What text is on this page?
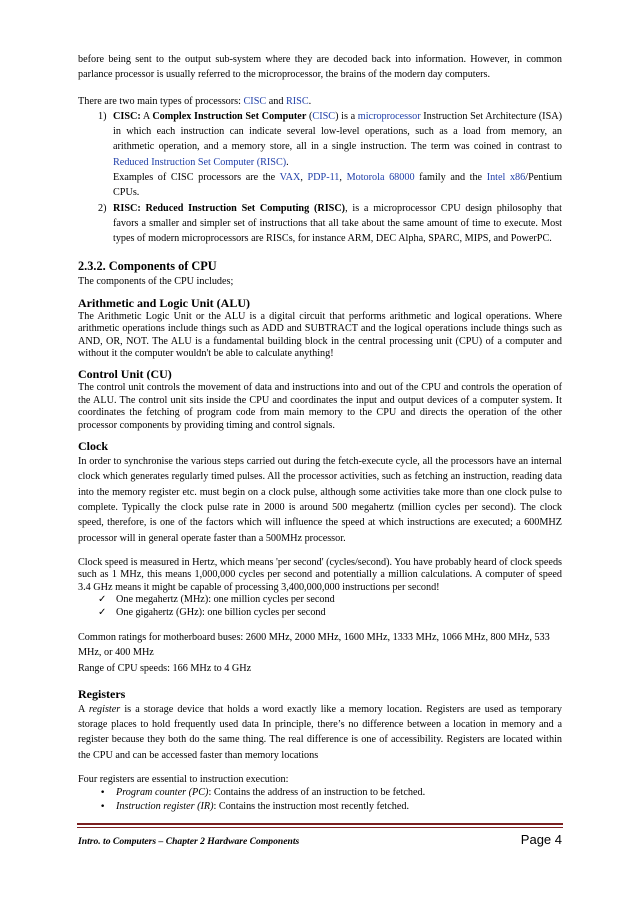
before being sent to the output sub-system where they are decoded back into information. However, in common parlance processor is usually referred to the microprocessor, the brains of the modern day computers.

There are two main types of processors: CISC and RISC.

1) CISC: A Complex Instruction Set Computer (CISC) is a microprocessor Instruction Set Architecture (ISA) in which each instruction can indicate several low-level operations, such as a load from memory, an arithmetic operation, and a memory store, all in a single instruction. The term was coined in contrast to Reduced Instruction Set Computer (RISC).
Examples of CISC processors are the VAX, PDP-11, Motorola 68000 family and the Intel x86/Pentium CPUs.
2) RISC: Reduced Instruction Set Computing (RISC), is a microprocessor CPU design philosophy that favors a smaller and simpler set of instructions that all take about the same amount of time to execute. Most types of modern microprocessors are RISCs, for instance ARM, DEC Alpha, SPARC, MIPS, and PowerPC.
2.3.2. Components of CPU

The components of the CPU includes;

Arithmetic and Logic Unit (ALU)

The Arithmetic Logic Unit or the ALU is a digital circuit that performs arithmetic and logical operations. Where arithmetic operations include things such as ADD and SUBTRACT and the logical operations include things such as AND, OR, NOT. The ALU is a fundamental building block in the central processing unit (CPU) of a computer and without it the computer wouldn't be able to calculate anything!

Control Unit (CU)

The control unit controls the movement of data and instructions into and out of the CPU and controls the operation of the ALU. The control unit sits inside the CPU and coordinates the input and output devices of a computer system. It coordinates the fetching of program code from main memory to the CPU and directs the operation of the other processor components by providing timing and control signals.

Clock

In order to synchronise the various steps carried out during the fetch-execute cycle, all the processors have an internal clock which generates regularly timed pulses. All the processor activities, such as fetching an instruction, reading data into the memory register etc. must begin on a clock pulse, although some activities take more than one clock pulse to complete. Typically the clock pulse rate in 2000 is around 500 megahertz (million cycles per second). The clock speed, therefore, is one of the factors which will influence the speed at which instructions are executed; a 600MHZ processor will in general operate faster than a 500MHz processor.

Clock speed is measured in Hertz, which means 'per second' (cycles/second). You have probably heard of clock speeds such as 1 MHz, this means 1,000,000 cycles per second and potentially a million calculations. A computer of speed 3.4 GHz means it might be capable of processing 3,400,000,000 instructions per second!

✓ One megahertz (MHz): one million cycles per second
✓ One gigahertz (GHz): one billion cycles per second

Common ratings for motherboard buses: 2600 MHz, 2000 MHz, 1600 MHz, 1333 MHz, 1066 MHz, 800 MHz, 533 MHz, or 400 MHz

Range of CPU speeds: 166 MHz to 4 GHz

Registers

A register is a storage device that holds a word exactly like a memory location. Registers are used as temporary storage places to hold frequently used data In principle, there’s no difference between a location in memory and a register because they both do the same thing. The real difference is one of accessibility. Registers are located within the CPU and can be accessed faster than memory locations

Four registers are essential to instruction execution:

• Program counter (PC): Contains the address of an instruction to be fetched.
• Instruction register (IR): Contains the instruction most recently fetched.
Intro. to Computers – Chapter 2 Hardware Components	Page 4
